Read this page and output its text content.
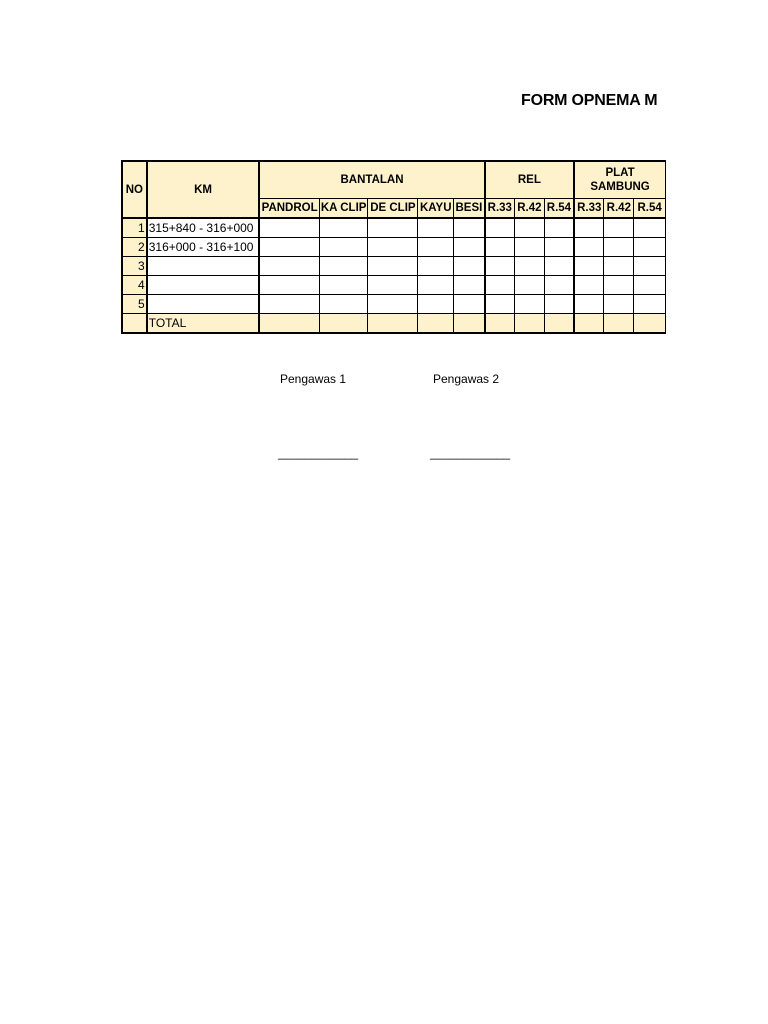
FORM OPNEMA M
NO	KM	BANTALAN					REL			PLAT SAMBUNG		

		PANDROL	KA CLIP	DE CLIP	KAYU	BESI	R.33	R.42	R.54	R.33	R.42	R.54
1	315+840 - 316+000											
2	316+000 - 316+100											
3												
4												
5												
	TOTAL											
Pengawas 1	Pengawas 2
____________	____________
